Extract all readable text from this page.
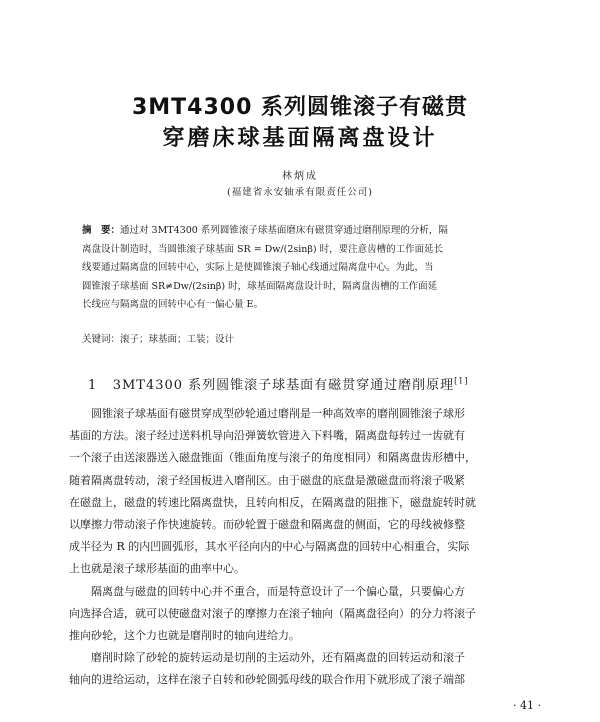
3MT4300 系列圆锥滚子有磁贯
穿磨床球基面隔离盘设计
林炳成
(福建省永安轴承有限责任公司)
摘　要：通过对 3MT4300 系列圆锥滚子球基面磨床有磁贯穿通过磨削原理的分析，隔
离盘设计制造时，当圆锥滚子球基面 SR = Dw/(2sinβ) 时，要注意齿槽的工作面延长
线要通过隔离盘的回转中心，实际上是使圆锥滚子轴心线通过隔离盘中心。为此，当
圆锥滚子球基面 SR≠Dw/(2sinβ) 时，球基面隔离盘设计时，隔离盘齿槽的工作面延
长线应与隔离盘的回转中心有一偏心量 E。
关键词：滚子；球基面；工装；设计
1 3MT4300 系列圆锥滚子球基面有磁贯穿通过磨削原理[1]
　　圆锥滚子球基面有磁贯穿成型砂轮通过磨削是一种高效率的磨削圆锥滚子球形
基面的方法。滚子经过送料机导向沿弹簧软管进入下料嘴，隔离盘每转过一齿就有
一个滚子由送滚器送入磁盘锥面（锥面角度与滚子的角度相同）和隔离盘齿形槽中，
随着隔离盘转动，滚子经国板进入磨削区。由于磁盘的底盘是激磁盘而将滚子吸紧
在磁盘上，磁盘的转速比隔离盘快，且转向相反，在隔离盘的阻推下，磁盘旋转时就
以摩擦力带动滚子作快速旋转。而砂轮置于磁盘和隔离盘的侧面，它的母线被修整
成半径为 R 的内凹圆弧形，其水平径向内的中心与隔离盘的回转中心相重合，实际
上也就是滚子球形基面的曲率中心。
　　隔离盘与磁盘的回转中心并不重合，而是特意设计了一个偏心量，只要偏心方
向选择合适，就可以使磁盘对滚子的摩擦力在滚子轴向（隔离盘径向）的分力将滚子
推向砂轮，这个力也就是磨削时的轴向进给力。
　　磨削时除了砂轮的旋转运动是切削的主运动外，还有隔离盘的回转运动和滚子
轴向的进给运动，这样在滚子自转和砂轮圆弧母线的联合作用下就形成了滚子端部
· 41 ·
